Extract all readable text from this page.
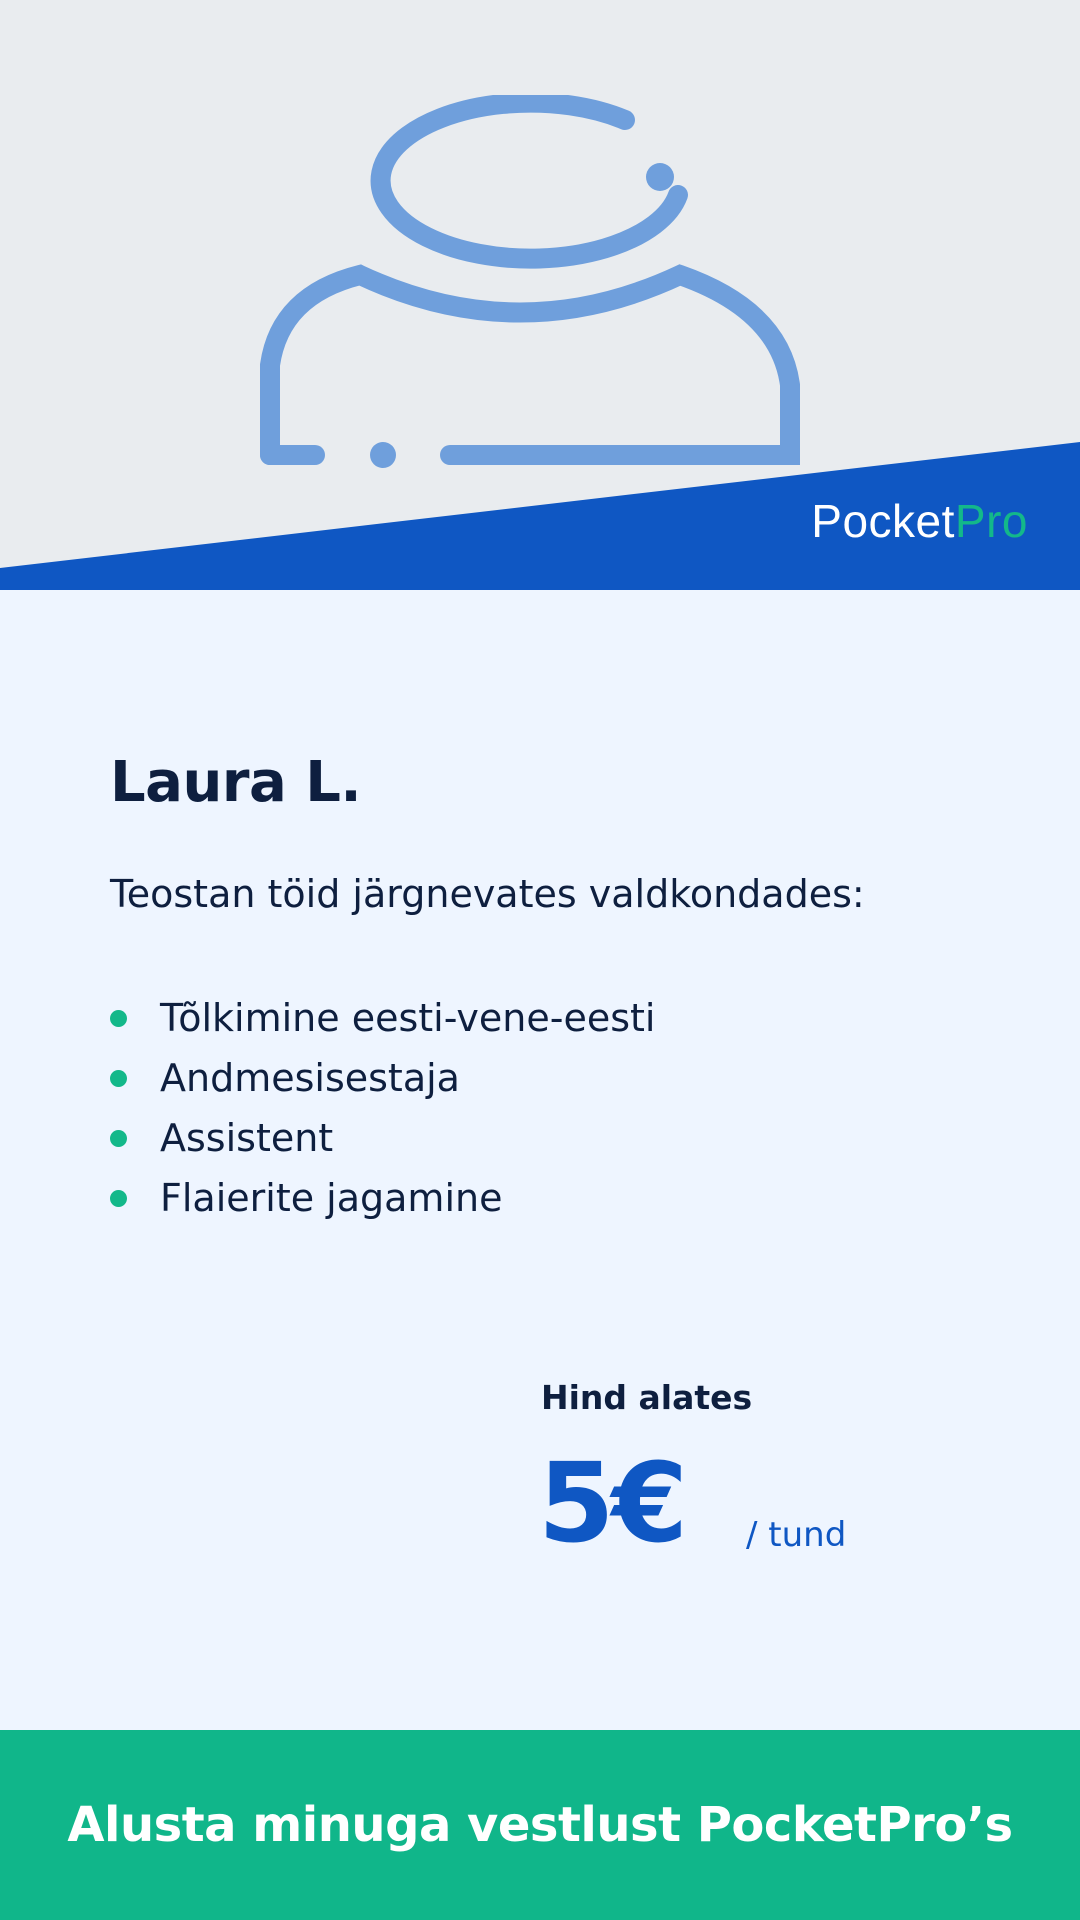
PocketPro
Laura L.
Teostan töid järgnevates valdkondades:
Tõlkimine eesti-vene-eesti
Andmesisestaja
Assistent
Flaierite jagamine
Hind alates
5€ / tund
Alusta minuga vestlust PocketPro’s
